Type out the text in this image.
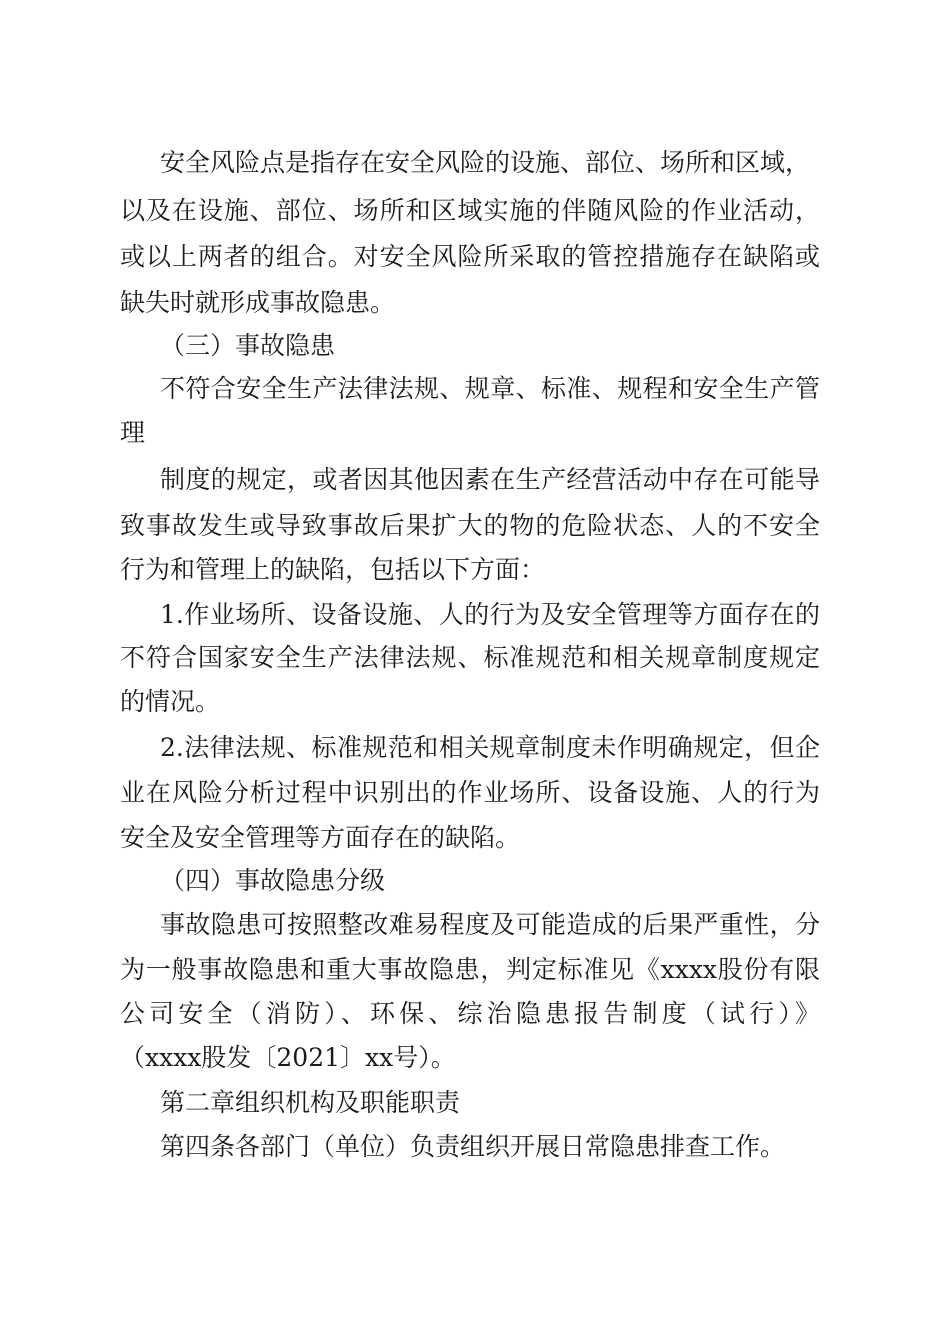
安全风险点是指存在安全风险的设施、部位、场所和区域，
以及在设施、部位、场所和区域实施的伴随风险的作业活动，
或以上两者的组合。对安全风险所采取的管控措施存在缺陷或
缺失时就形成事故隐患。
（三）事故隐患
不符合安全生产法律法规、规章、标准、规程和安全生产管
理
制度的规定，或者因其他因素在生产经营活动中存在可能导
致事故发生或导致事故后果扩大的物的危险状态、人的不安全
行为和管理上的缺陷，包括以下方面：
1.作业场所、设备设施、人的行为及安全管理等方面存在的
不符合国家安全生产法律法规、标准规范和相关规章制度规定
的情况。
2.法律法规、标准规范和相关规章制度未作明确规定，但企
业在风险分析过程中识别出的作业场所、设备设施、人的行为
安全及安全管理等方面存在的缺陷。
（四）事故隐患分级
事故隐患可按照整改难易程度及可能造成的后果严重性，分
为一般事故隐患和重大事故隐患，判定标准见《xxxx股份有限
公司安全（消防）、环保、综治隐患报告制度（试行）》
（xxxx股发〔2021〕xx号）。
第二章组织机构及职能职责
第四条各部门（单位）负责组织开展日常隐患排查工作。
